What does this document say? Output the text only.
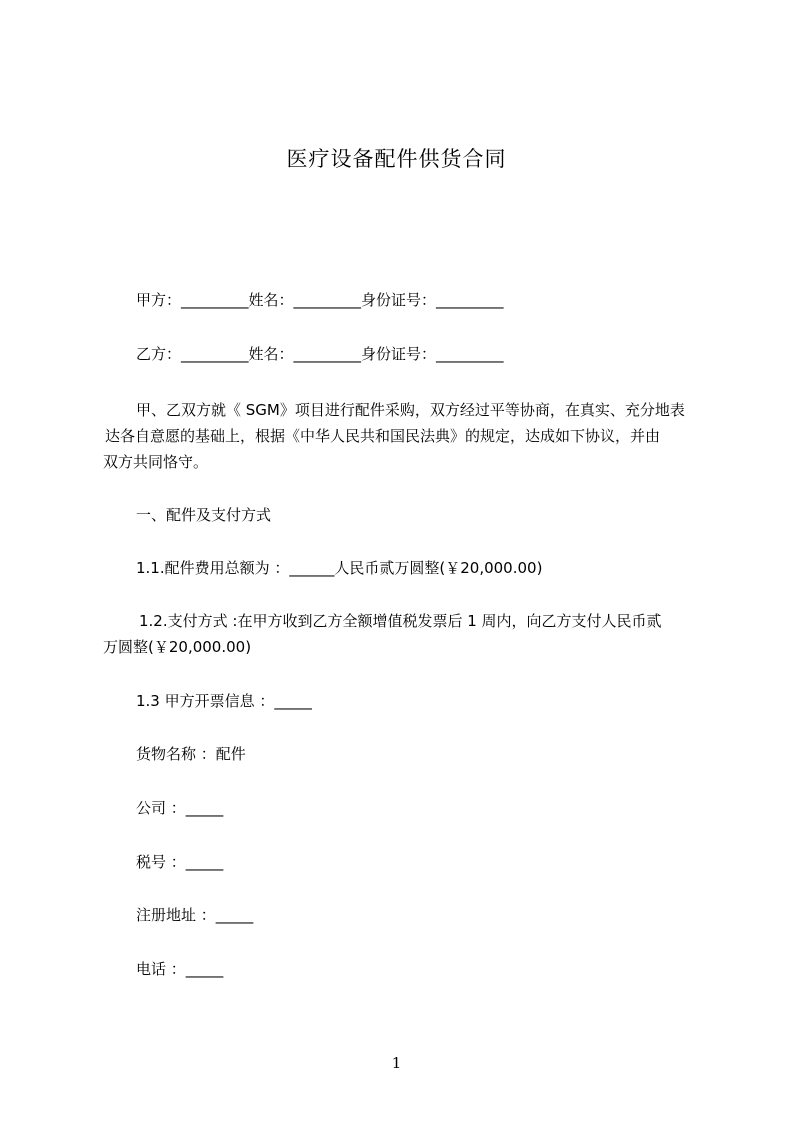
医疗设备配件供货合同
甲方：_________姓名：_________身份证号：_________
乙方：_________姓名：_________身份证号：_________
甲、乙双方就《 SGM》项目进行配件采购，双方经过平等协商，在真实、充分地表
达各自意愿的基础上，根据《中华人民共和国民法典》的规定，达成如下协议，并由
双方共同恪守。
一、配件及支付方式
1.1.配件费用总额为 ：______人民币贰万圆整(￥20,000.00)
1.2.支付方式 :在甲方收到乙方全额增值税发票后 1 周内，向乙方支付人民币贰
万圆整(￥20,000.00)
1.3 甲方开票信息 ：_____
货物名称 ：配件
公司 ：_____
税号 ：_____
注册地址 ：_____
电话 ：_____
1
